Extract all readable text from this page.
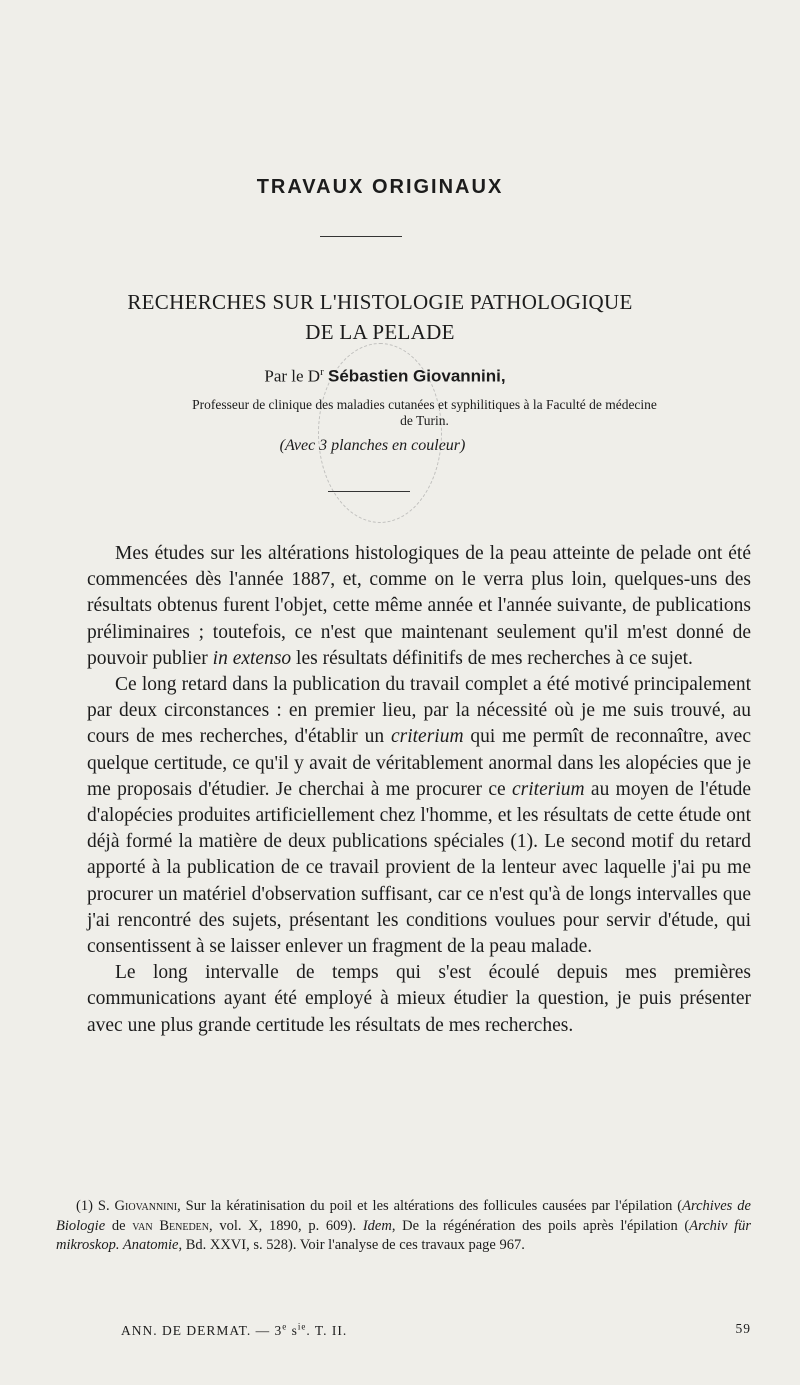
TRAVAUX ORIGINAUX
RECHERCHES SUR L'HISTOLOGIE PATHOLOGIQUE
DE LA PELADE
Par le $D^r$ Sébastien Giovannini,
Professeur de clinique des maladies cutanées et syphilitiques à la Faculté de médecine
de Turin.
(Avec 3 planches en couleur)

Mes études sur les altérations histologiques de la peau atteinte de pelade ont été commencées dès l'année 1887, et, comme on le verra plus loin, quelques-uns des résultats obtenus furent l'objet, cette même année et l'année suivante, de publications préliminaires ; toutefois, ce n'est que maintenant seulement qu'il m'est donné de pouvoir publier in extenso les résultats définitifs de mes recherches à ce sujet.

Ce long retard dans la publication du travail complet a été motivé principalement par deux circonstances : en premier lieu, par la nécessité où je me suis trouvé, au cours de mes recherches, d'établir un criterium qui me permît de reconnaître, avec quelque certitude, ce qu'il y avait de véritablement anormal dans les alopécies que je me proposais d'étudier. Je cherchai à me procurer ce criterium au moyen de l'étude d'alopécies produites artificiellement chez l'homme, et les résultats de cette étude ont déjà formé la matière de deux publications spéciales (1). Le second motif du retard apporté à la publication de ce travail provient de la lenteur avec laquelle j'ai pu me procurer un matériel d'observation suffisant, car ce n'est qu'à de longs intervalles que j'ai rencontré des sujets, présentant les conditions voulues pour servir d'étude, qui consentissent à se laisser enlever un fragment de la peau malade.

Le long intervalle de temps qui s'est écoulé depuis mes premières communications ayant été employé à mieux étudier la question, je puis présenter avec une plus grande certitude les résultats de mes recherches.

(1) S. Giovannini, Sur la kératinisation du poil et les altérations des follicules causées par l'épilation (Archives de Biologie de van Beneden, vol. X, 1890, p. 609). Idem, De la régénération des poils après l'épilation (Archiv für mikroskop. Anatomie, Bd. XXVI, s. 528). Voir l'analyse de ces travaux page 967.

ANN. DE DERMAT. — 3e $s^{ie}$. T. II.	59
